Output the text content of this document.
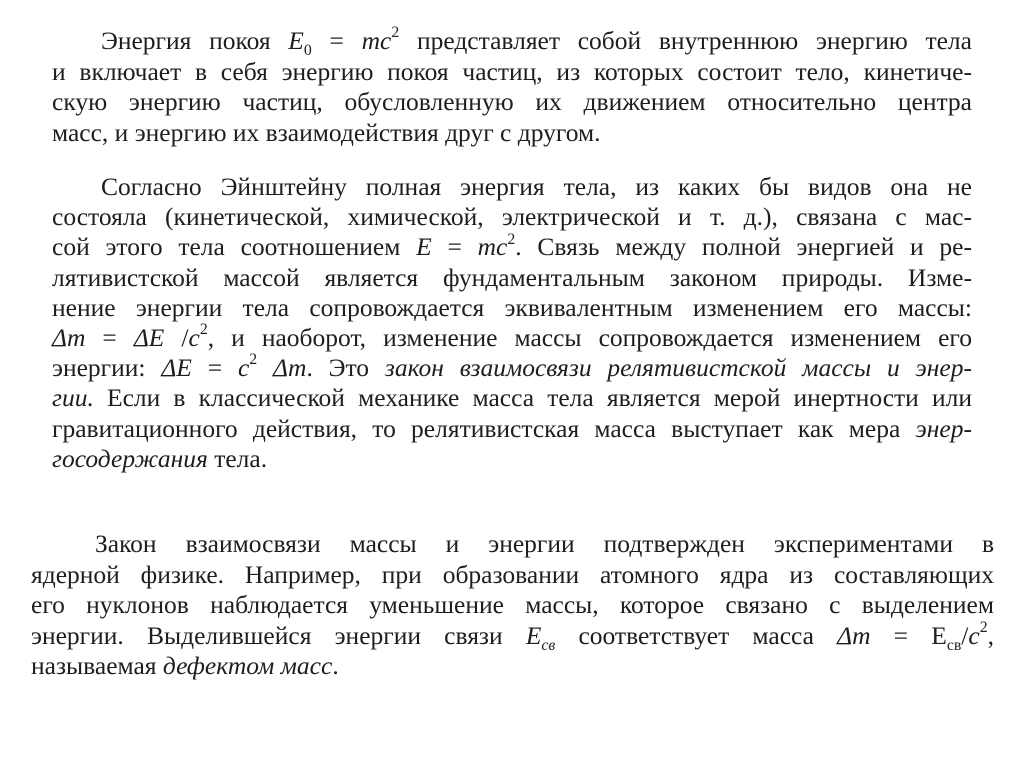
Энергия покоя $E_0 = mc^2$ представляет собой внутреннюю энергию тела
и включает в себя энергию покоя частиц, из которых состоит тело, кинетиче-
скую энергию частиц, обусловленную их движением относительно центра
масс, и энергию их взаимодействия друг с другом.
Согласно Эйнштейну полная энергия тела, из каких бы видов она не
состояла (кинетической, химической, электрической и т. д.), связана с мас-
сой этого тела соотношением $E = mc^2$. Связь между полной энергией и ре-
лятивистской массой является фундаментальным законом природы. Изме-
нение энергии тела сопровождается эквивалентным изменением его массы:
Δm = ΔE $/c^2$, и наоборот, изменение массы сопровождается изменением его
энергии: $\Delta E = c^2$ Δm. Это закон взаимосвязи релятивистской массы и энер-
гии. Если в классической механике масса тела является мерой инертности или
гравитационного действия, то релятивистская масса выступает как мера энер-
госодержания тела.
Закон взаимосвязи массы и энергии подтвержден экспериментами в
ядерной физике. Например, при образовании атомного ядра из составляющих
его нуклонов наблюдается уменьшение массы, которое связано с выделением
энергии. Выделившейся энергии связи $E_{св}$ соответствует масса $\Delta m = Е_{св}/c^2$,
называемая дефектом масс.
